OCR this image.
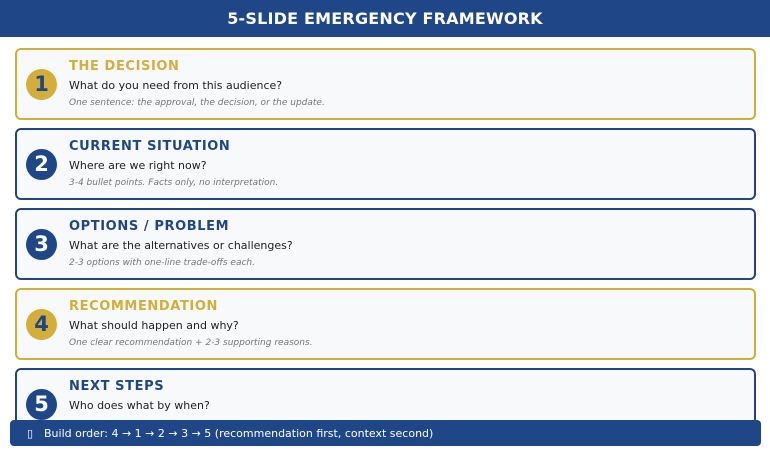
5-SLIDE EMERGENCY FRAMEWORK
1
THE DECISION
What do you need from this audience?
One sentence: the approval, the decision, or the update.
2
CURRENT SITUATION
Where are we right now?
3-4 bullet points. Facts only, no interpretation.
3
OPTIONS / PROBLEM
What are the alternatives or challenges?
2-3 options with one-line trade-offs each.
4
RECOMMENDATION
What should happen and why?
One clear recommendation + 2-3 supporting reasons.
5
NEXT STEPS
Who does what by when?
▯ Build order: 4 → 1 → 2 → 3 → 5 (recommendation first, context second)
